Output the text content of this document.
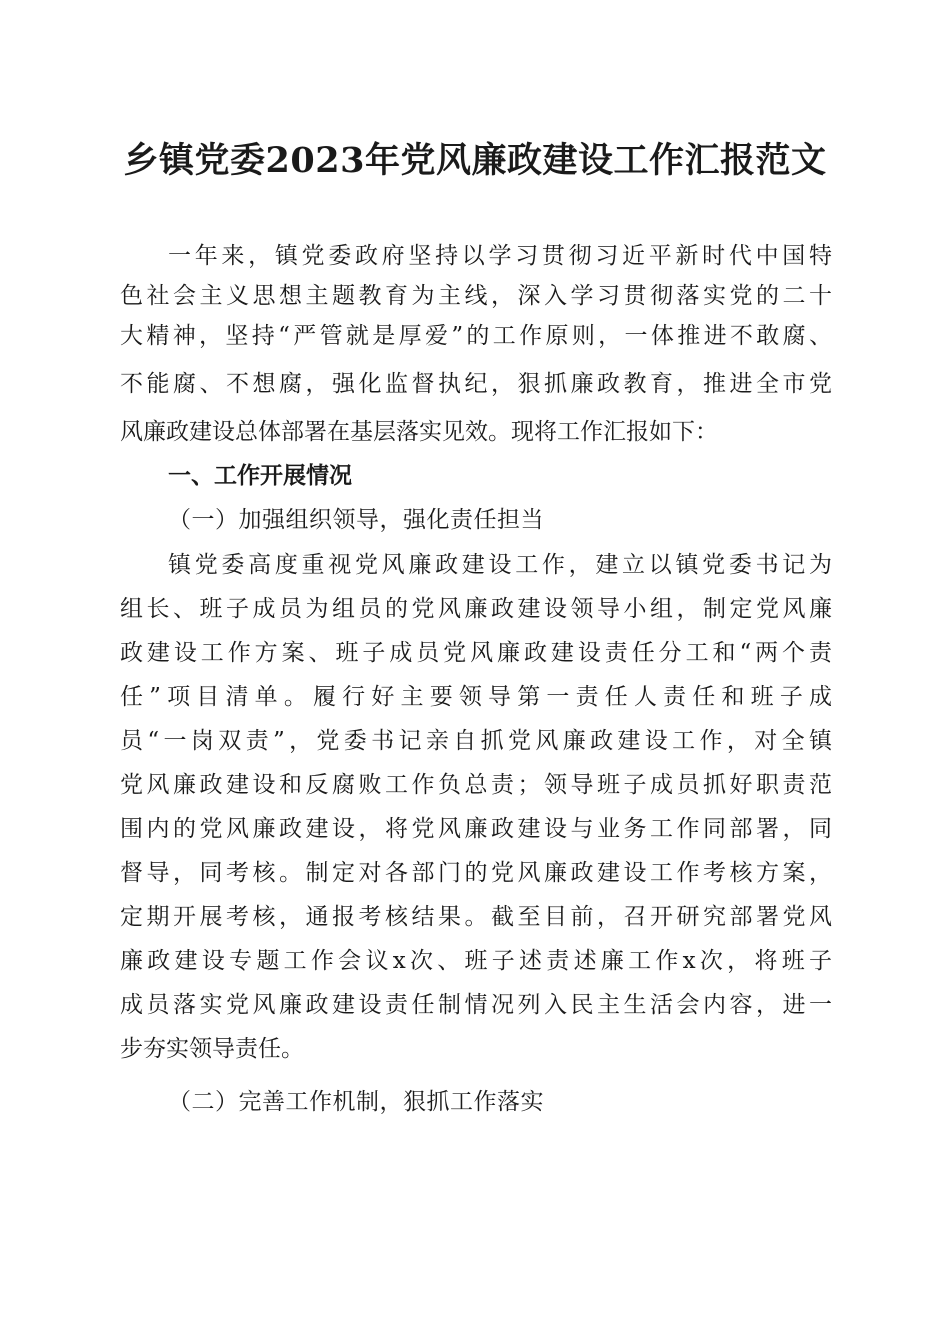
乡镇党委2023年党风廉政建设工作汇报范文
一年来，镇党委政府坚持以学习贯彻习近平新时代中国特
色社会主义思想主题教育为主线，深入学习贯彻落实党的二十
大精神，坚持“严管就是厚爱”的工作原则，一体推进不敢腐、
不能腐、不想腐，强化监督执纪，狠抓廉政教育，推进全市党
风廉政建设总体部署在基层落实见效。现将工作汇报如下：
一、工作开展情况
（一）加强组织领导，强化责任担当
镇党委高度重视党风廉政建设工作，建立以镇党委书记为
组长、班子成员为组员的党风廉政建设领导小组，制定党风廉
政建设工作方案、班子成员党风廉政建设责任分工和“两个责
任”项目清单。履行好主要领导第一责任人责任和班子成
员“一岗双责”，党委书记亲自抓党风廉政建设工作，对全镇
党风廉政建设和反腐败工作负总责；领导班子成员抓好职责范
围内的党风廉政建设，将党风廉政建设与业务工作同部署，同
督导，同考核。制定对各部门的党风廉政建设工作考核方案，
定期开展考核，通报考核结果。截至目前，召开研究部署党风
廉政建设专题工作会议x次、班子述责述廉工作x次，将班子
成员落实党风廉政建设责任制情况列入民主生活会内容，进一
步夯实领导责任。
（二）完善工作机制，狠抓工作落实
